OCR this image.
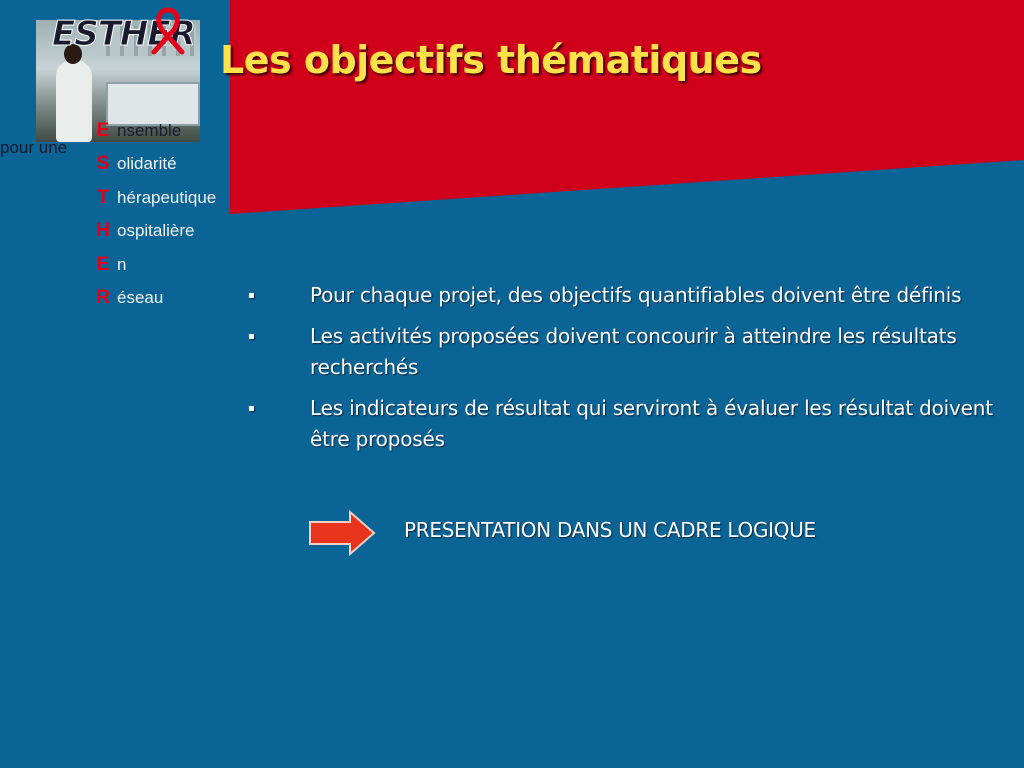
ESTHER
pour une
E nsemble
S olidarité
T hérapeutique
H ospitalière
E n
R éseau
Les objectifs thématiques
▪	Pour chaque projet, des objectifs quantifiables doivent être définis
▪	Les activités proposées doivent concourir à atteindre les résultats recherchés
▪	Les indicateurs de résultat qui serviront à évaluer les résultat doivent être proposés
PRESENTATION DANS UN CADRE LOGIQUE
